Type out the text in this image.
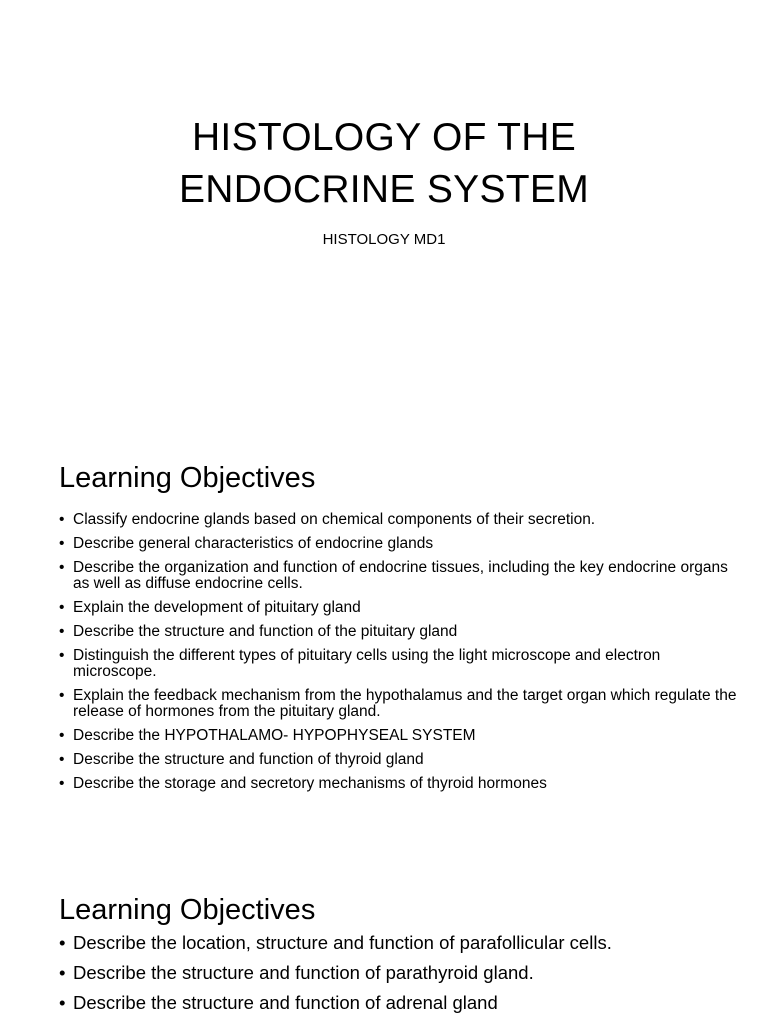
HISTOLOGY OF THE
ENDOCRINE SYSTEM

HISTOLOGY MD1

Learning Objectives
• Classify endocrine glands based on chemical components of their secretion.
• Describe general characteristics of endocrine glands
• Describe the organization and function of endocrine tissues, including the key endocrine organs as well as diffuse endocrine cells.
• Explain the development of pituitary gland
• Describe the structure and function of the pituitary gland
• Distinguish the different types of pituitary cells using the light microscope and electron microscope.
• Explain the feedback mechanism from the hypothalamus and the target organ which regulate the release of hormones from the pituitary gland.
• Describe the HYPOTHALAMO- HYPOPHYSEAL SYSTEM
• Describe the structure and function of thyroid gland
• Describe the storage and secretory mechanisms of thyroid hormones
Learning Objectives
• Describe the location, structure and function of parafollicular cells.
• Describe the structure and function of parathyroid gland.
• Describe the structure and function of adrenal gland
